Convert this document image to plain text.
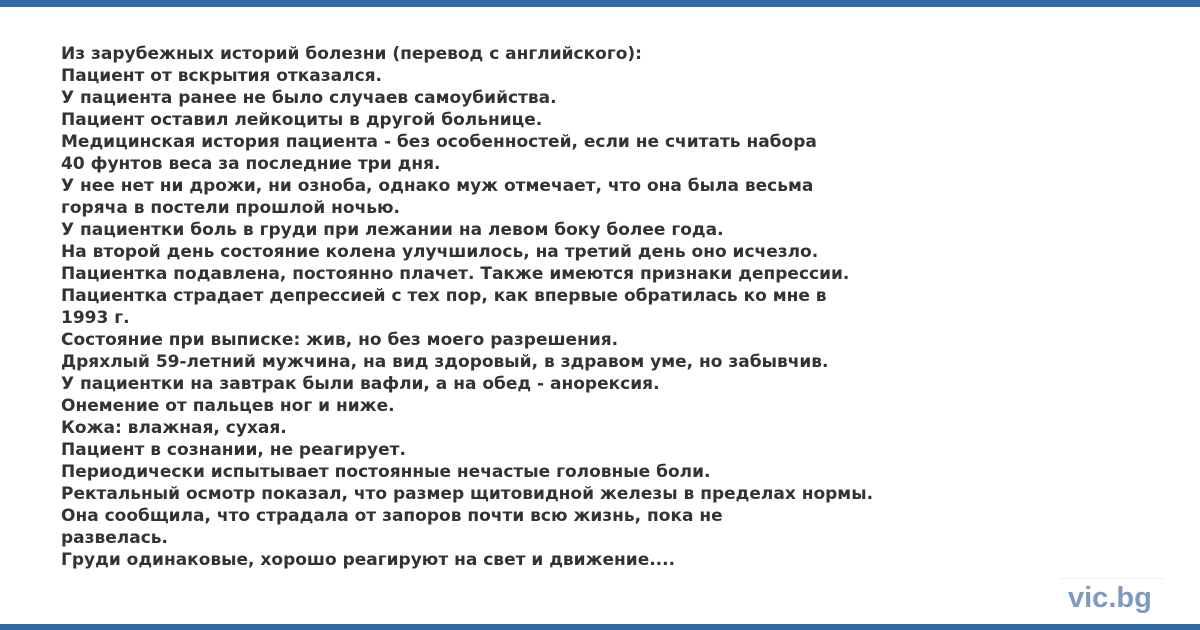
Из зарубежных историй болезни (перевод с английского):
Пациент от вскрытия отказался.
У пациента ранее не было случаев самоубийства.
Пациент оставил лейкоциты в другой больнице.
Медицинская история пациента - без особенностей, если не считать набора
40 фунтов веса за последние три дня.
У нее нет ни дрожи, ни озноба, однако муж отмечает, что она была весьма
горяча в постели прошлой ночью.
У пациентки боль в груди при лежании на левом боку более года.
На второй день состояние колена улучшилось, на третий день оно исчезло.
Пациентка подавлена, постоянно плачет. Также имеются признаки депрессии.
Пациентка страдает депрессией с тех пор, как впервые обратилась ко мне в
1993 г.
Состояние при выписке: жив, но без моего разрешения.
Дряхлый 59-летний мужчина, на вид здоровый, в здравом уме, но забывчив.
У пациентки на завтрак были вафли, а на обед - анорексия.
Онемение от пальцев ног и ниже.
Кожа: влажная, сухая.
Пациент в сознании, не реагирует.
Периодически испытывает постоянные нечастые головные боли.
Ректальный осмотр показал, что размер щитовидной железы в пределах нормы.
Она сообщила, что страдала от запоров почти всю жизнь, пока не
развелась.
Груди одинаковые, хорошо реагируют на свет и движение....
vic.bg
